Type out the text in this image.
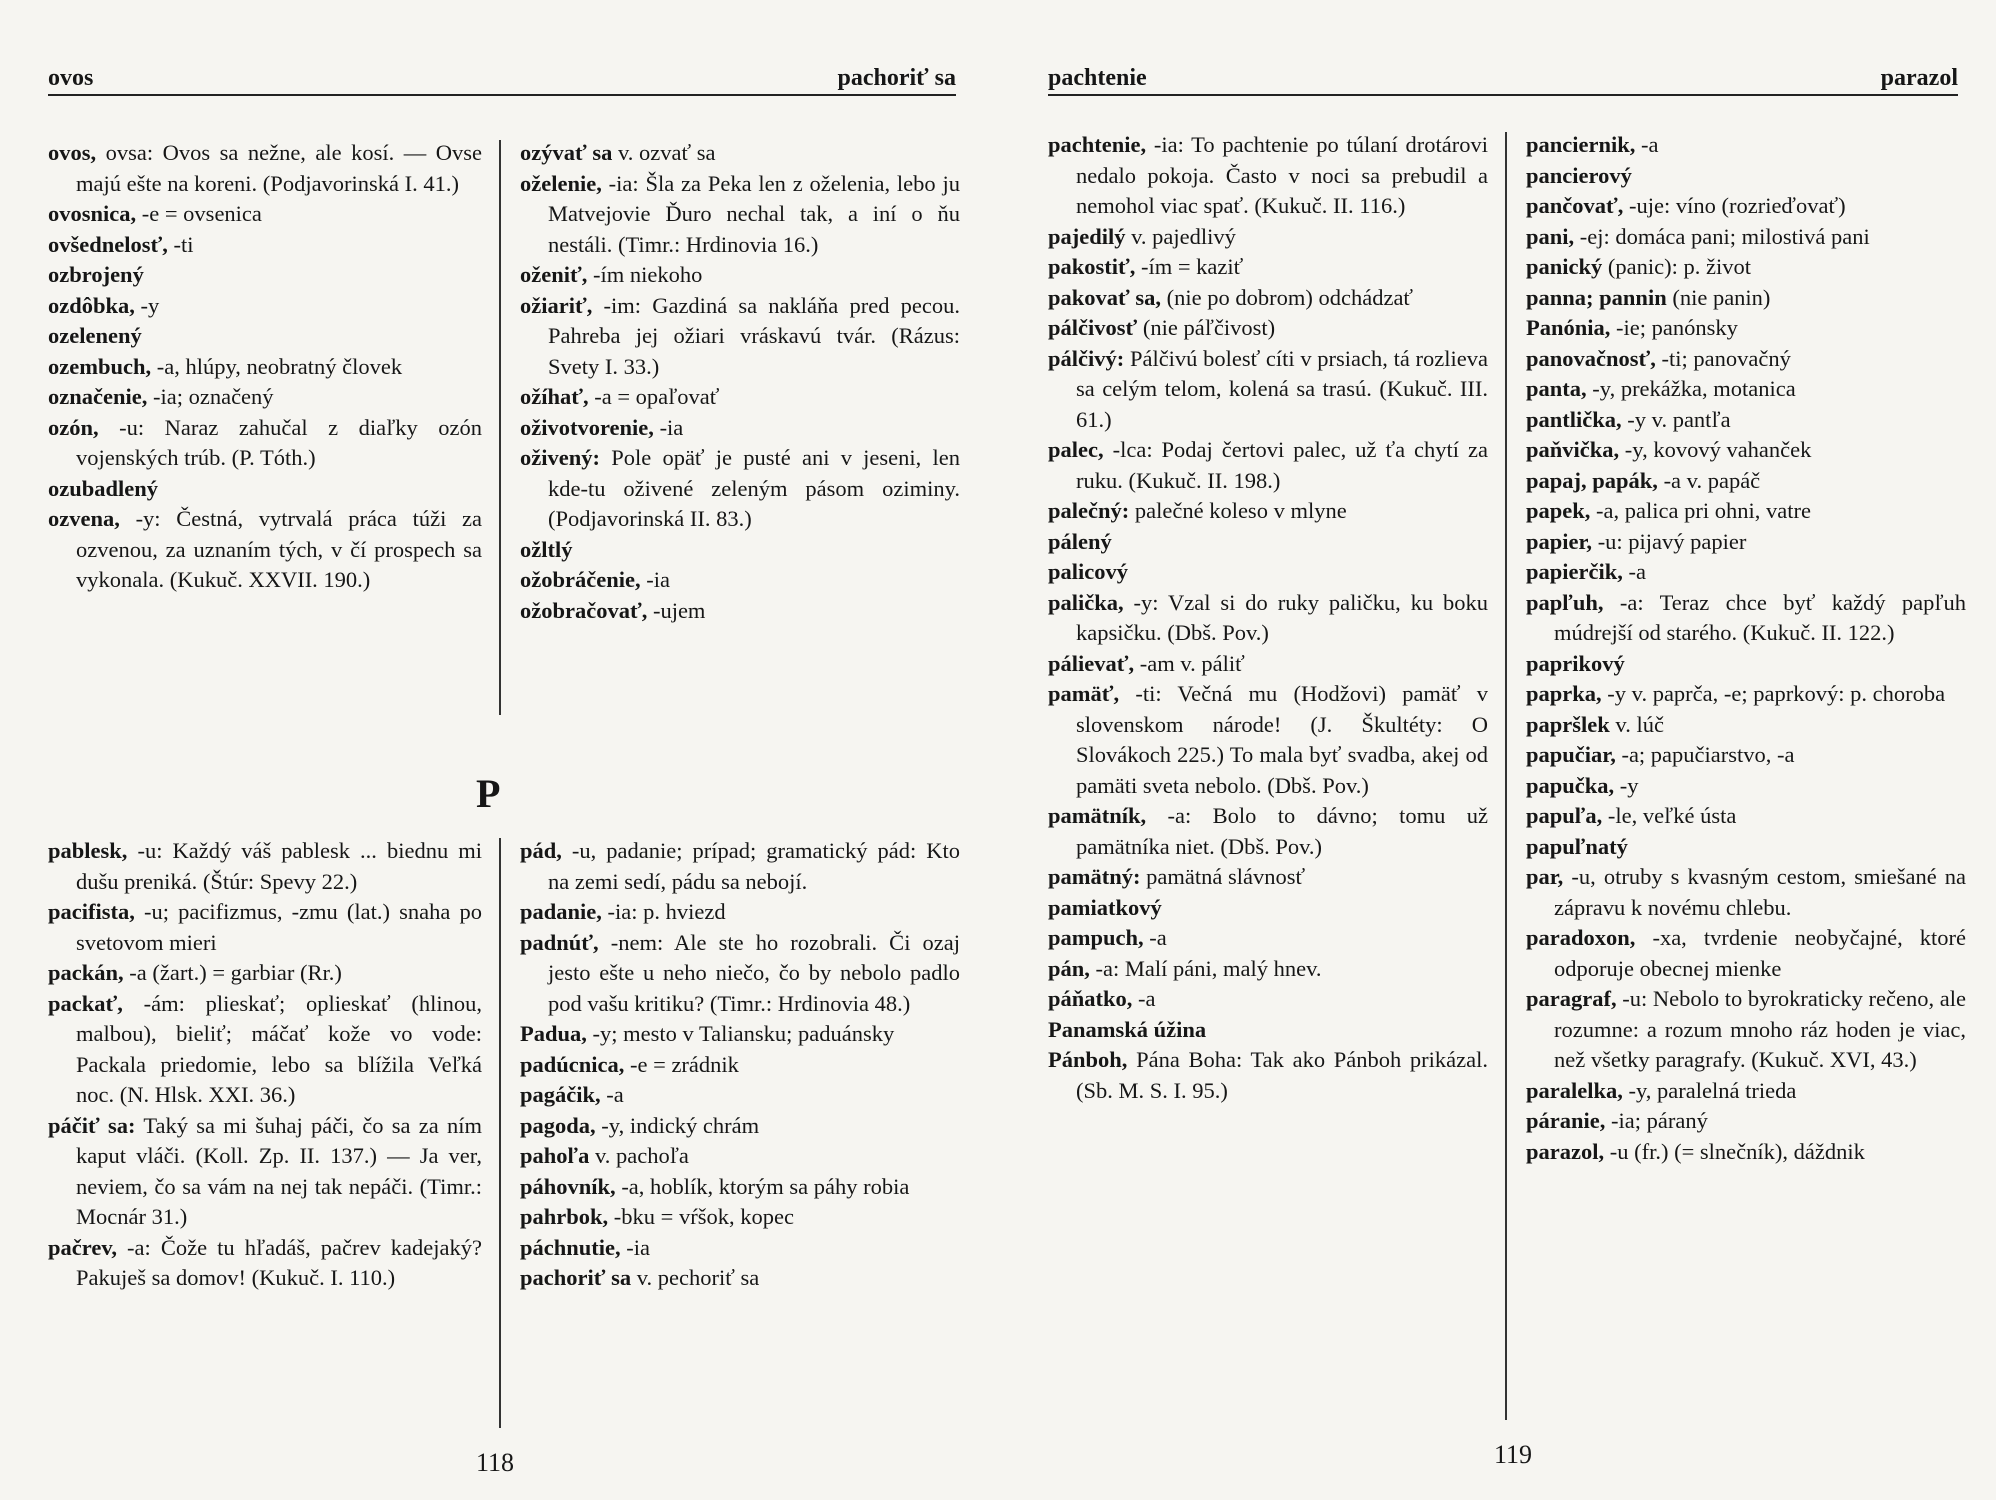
ovos	pachoriť sa

ovos, ovsa: Ovos sa nežne, ale kosí. — Ovse majú ešte na koreni. (Podjavorinská I. 41.)

ovosnica, -e = ovsenica

ovšednelosť, -ti

ozbrojený

ozdôbka, -y

ozelenený

ozembuch, -a, hlúpy, neobratný človek

označenie, -ia; označený

ozón, -u: Naraz zahučal z diaľky ozón vojenských trúb. (P. Tóth.)

ozubadlený

ozvena, -y: Čestná, vytrvalá práca túži za ozvenou, za uznaním tých, v čí prospech sa vykonala. (Kukuč. XXVII. 190.)

ozývať sa v. ozvať sa

oželenie, -ia: Šla za Peka len z oželenia, lebo ju Matvejovie Ďuro nechal tak, a iní o ňu nestáli. (Timr.: Hrdinovia 16.)

oženiť, -ím niekoho

ožiariť, -im: Gazdiná sa nakláňa pred pecou. Pahreba jej ožiari vráskavú tvár. (Rázus: Svety I. 33.)

ožíhať, -a = opaľovať

oživotvorenie, -ia

oživený: Pole opäť je pusté ani v jeseni, len kde-tu oživené zeleným pásom oziminy. (Podjavorinská II. 83.)

ožltlý

ožobráčenie, -ia

ožobračovať, -ujem

P

pablesk, -u: Každý váš pablesk ... biednu mi dušu preniká. (Štúr: Spevy 22.)

pacifista, -u; pacifizmus, -zmu (lat.) snaha po svetovom mieri

packán, -a (žart.) = garbiar (Rr.)

packať, -ám: plieskať; oplieskať (hlinou, malbou), bieliť; máčať kože vo vode: Packala priedomie, lebo sa blížila Veľká noc. (N. Hlsk. XXI. 36.)

páčiť sa: Taký sa mi šuhaj páči, čo sa za ním kaput vláči. (Koll. Zp. II. 137.) — Ja ver, neviem, čo sa vám na nej tak nepáči. (Timr.: Mocnár 31.)

pačrev, -a: Čože tu hľadáš, pačrev kadejaký? Pakuješ sa domov! (Kukuč. I. 110.)

pád, -u, padanie; prípad; gramatický pád: Kto na zemi sedí, pádu sa nebojí.

padanie, -ia: p. hviezd

padnúť, -nem: Ale ste ho rozobrali. Či ozaj jesto ešte u neho niečo, čo by nebolo padlo pod vašu kritiku? (Timr.: Hrdinovia 48.)

Padua, -y; mesto v Taliansku; paduánsky

padúcnica, -e = zrádnik

pagáčik, -a

pagoda, -y, indický chrám

pahoľa v. pachoľa

páhovník, -a, hoblík, ktorým sa páhy robia

pahrbok, -bku = vŕšok, kopec

páchnutie, -ia

pachoriť sa v. pechoriť sa

118
pachtenie	parazol

pachtenie, -ia: To pachtenie po túlaní drotárovi nedalo pokoja. Často v noci sa prebudil a nemohol viac spať. (Kukuč. II. 116.)

pajedilý v. pajedlivý

pakostiť, -ím = kaziť

pakovať sa, (nie po dobrom) odchádzať

pálčivosť (nie páľčivost)

pálčivý: Pálčivú bolesť cíti v prsiach, tá rozlieva sa celým telom, kolená sa trasú. (Kukuč. III. 61.)

palec, -lca: Podaj čertovi palec, už ťa chytí za ruku. (Kukuč. II. 198.)

palečný: palečné koleso v mlyne

pálený

palicový

palička, -y: Vzal si do ruky paličku, ku boku kapsičku. (Dbš. Pov.)

pálievať, -am v. páliť

pamäť, -ti: Večná mu (Hodžovi) pamäť v slovenskom národe! (J. Škultéty: O Slovákoch 225.) To mala byť svadba, akej od pamäti sveta nebolo. (Dbš. Pov.)

pamätník, -a: Bolo to dávno; tomu už pamätníka niet. (Dbš. Pov.)

pamätný: pamätná slávnosť

pamiatkový

pampuch, -a

pán, -a: Malí páni, malý hnev.

páňatko, -a

Panamská úžina

Pánboh, Pána Boha: Tak ako Pánboh prikázal. (Sb. M. S. I. 95.)

panciernik, -a

pancierový

pančovať, -uje: víno (rozrieďovať)

pani, -ej: domáca pani; milostivá pani

panický (panic): p. život

panna; pannin (nie panin)

Panónia, -ie; panónsky

panovačnosť, -ti; panovačný

panta, -y, prekážka, motanica

pantlička, -y v. pantľa

paňvička, -y, kovový vahanček

papaj, papák, -a v. papáč

papek, -a, palica pri ohni, vatre

papier, -u: pijavý papier

papierčik, -a

papľuh, -a: Teraz chce byť každý papľuh múdrejší od starého. (Kukuč. II. 122.)

paprikový

paprka, -y v. paprča, -e; paprkový: p. choroba

papršlek v. lúč

papučiar, -a; papučiarstvo, -a

papučka, -y

papuľa, -le, veľké ústa

papuľnatý

par, -u, otruby s kvasným cestom, smiešané na zápravu k novému chlebu.

paradoxon, -xa, tvrdenie neobyčajné, ktoré odporuje obecnej mienke

paragraf, -u: Nebolo to byrokraticky rečeno, ale rozumne: a rozum mnoho ráz hoden je viac, než všetky paragrafy. (Kukuč. XVI, 43.)

paralelka, -y, paralelná trieda

páranie, -ia; páraný

parazol, -u (fr.) (= slnečník), dáždnik

119
